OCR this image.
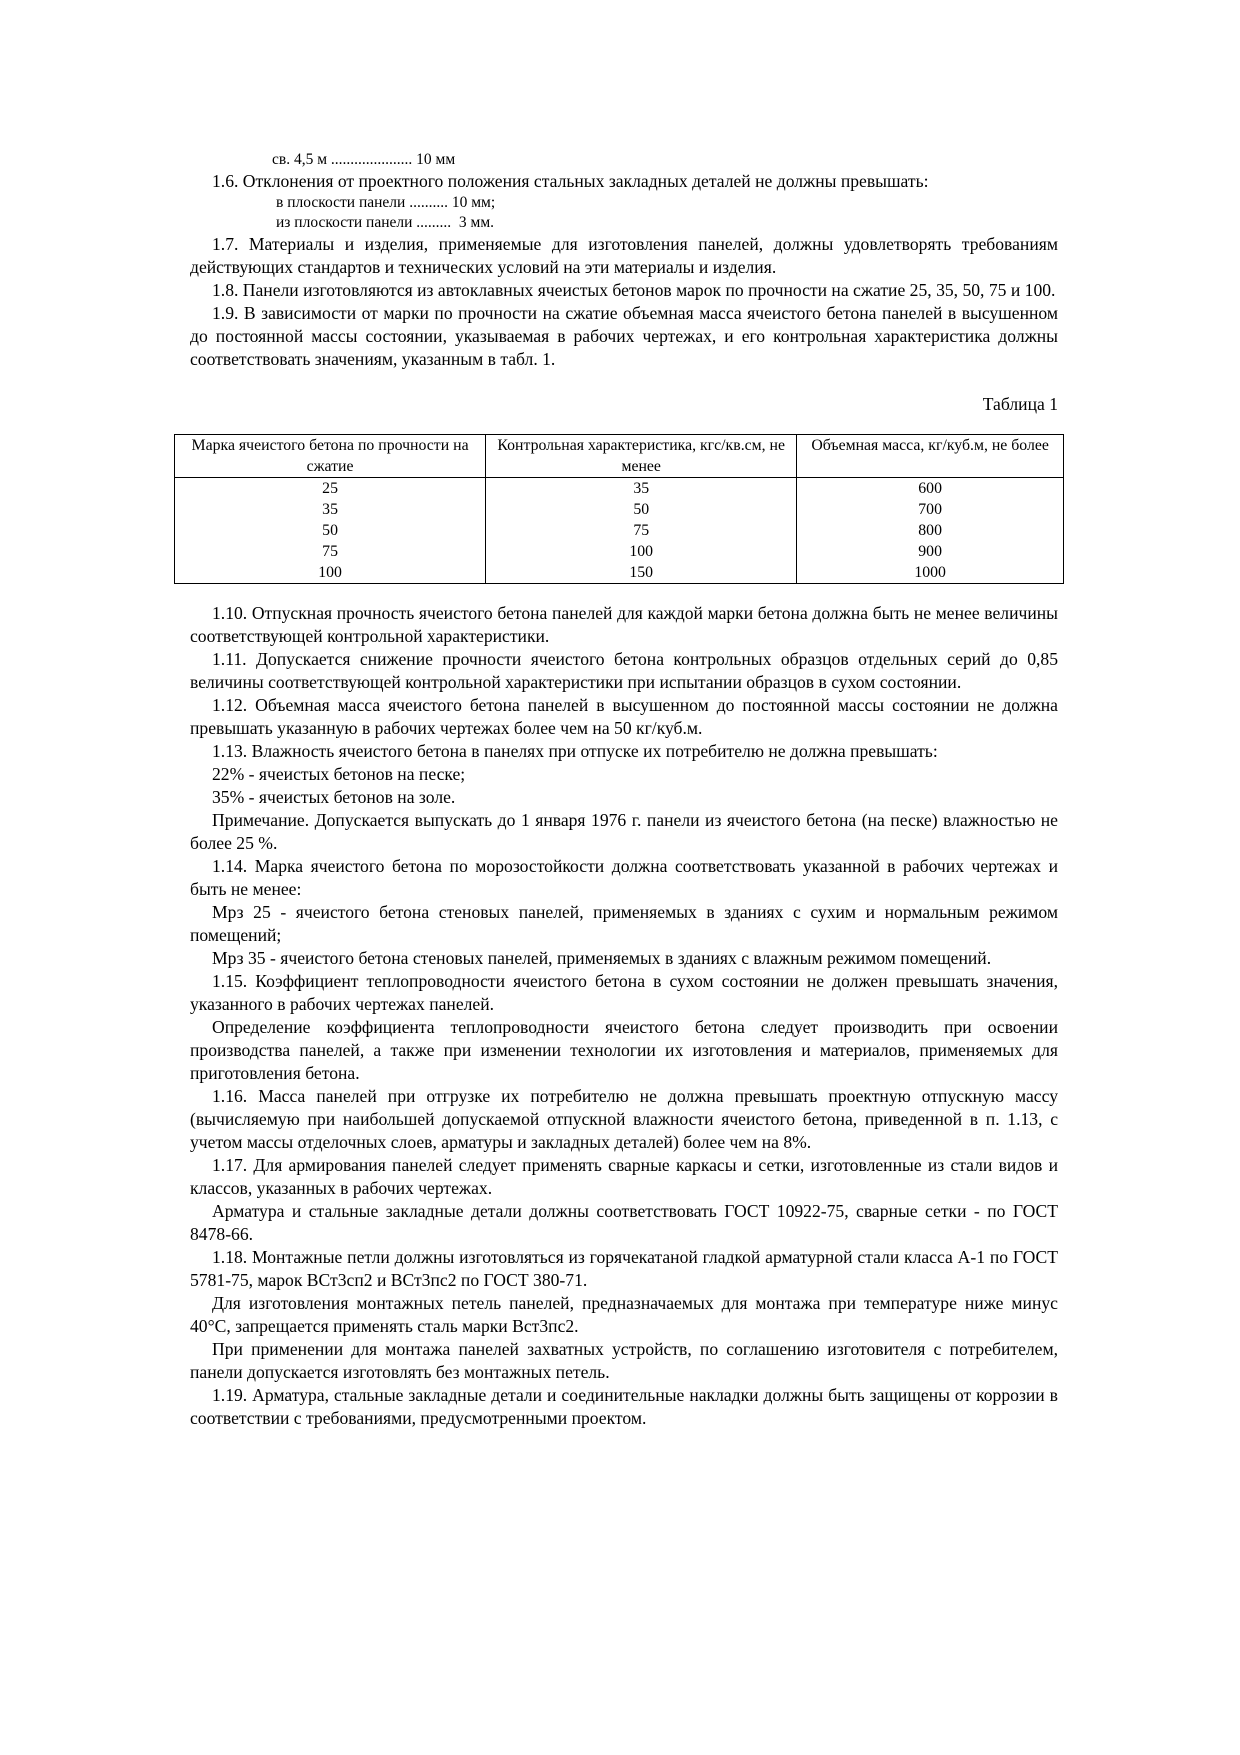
св. 4,5 м ..................... 10 мм

1.6. Отклонения от проектного положения стальных закладных деталей не должны превышать:

в плоскости панели .......... 10 мм;

из плоскости панели .........  3 мм.

1.7. Материалы и изделия, применяемые для изготовления панелей, должны удовлетворять требованиям действующих стандартов и технических условий на эти материалы и изделия.

1.8. Панели изготовляются из автоклавных ячеистых бетонов марок по прочности на сжатие 25, 35, 50, 75 и 100.

1.9. В зависимости от марки по прочности на сжатие объемная масса ячеистого бетона панелей в высушенном до постоянной массы состоянии, указываемая в рабочих чертежах, и его контрольная характеристика должны соответствовать значениям, указанным в табл. 1.

Таблица 1

Марка ячеистого бетона по прочности на сжатие	Контрольная характеристика, кгс/кв.см, не менее	Объемная масса, кг/куб.м, не более
25	35	600
35	50	700
50	75	800
75	100	900
100	150	1000

1.10. Отпускная прочность ячеистого бетона панелей для каждой марки бетона должна быть не менее величины соответствующей контрольной характеристики.

1.11. Допускается снижение прочности ячеистого бетона контрольных образцов отдельных серий до 0,85 величины соответствующей контрольной характеристики при испытании образцов в сухом состоянии.

1.12. Объемная масса ячеистого бетона панелей в высушенном до постоянной массы состоянии не должна превышать указанную в рабочих чертежах более чем на 50 кг/куб.м.

1.13. Влажность ячеистого бетона в панелях при отпуске их потребителю не должна превышать:

22% - ячеистых бетонов на песке;

35% - ячеистых бетонов на золе.

Примечание. Допускается выпускать до 1 января 1976 г. панели из ячеистого бетона (на песке) влажностью не более 25 %.

1.14. Марка ячеистого бетона по морозостойкости должна соответствовать указанной в рабочих чертежах и быть не менее:

Мрз 25 - ячеистого бетона стеновых панелей, применяемых в зданиях с сухим и нормальным режимом помещений;

Мрз 35 - ячеистого бетона стеновых панелей, применяемых в зданиях с влажным режимом помещений.

1.15. Коэффициент теплопроводности ячеистого бетона в сухом состоянии не должен превышать значения, указанного в рабочих чертежах панелей.

Определение коэффициента теплопроводности ячеистого бетона следует производить при освоении производства панелей, а также при изменении технологии их изготовления и материалов, применяемых для приготовления бетона.

1.16. Масса панелей при отгрузке их потребителю не должна превышать проектную отпускную массу (вычисляемую при наибольшей допускаемой отпускной влажности ячеистого бетона, приведенной в п. 1.13, с учетом массы отделочных слоев, арматуры и закладных деталей) более чем на 8%.

1.17. Для армирования панелей следует применять сварные каркасы и сетки, изготовленные из стали видов и классов, указанных в рабочих чертежах.

Арматура и стальные закладные детали должны соответствовать ГОСТ 10922-75, сварные сетки - по ГОСТ 8478-66.

1.18. Монтажные петли должны изготовляться из горячекатаной гладкой арматурной стали класса А-1 по ГОСТ 5781-75, марок ВСт3сп2 и ВСт3пс2 по ГОСТ 380-71.

Для изготовления монтажных петель панелей, предназначаемых для монтажа при температуре ниже минус 40°С, запрещается применять сталь марки Вст3пс2.

При применении для монтажа панелей захватных устройств, по соглашению изготовителя с потребителем, панели допускается изготовлять без монтажных петель.

1.19. Арматура, стальные закладные детали и соединительные накладки должны быть защищены от коррозии в соответствии с требованиями, предусмотренными проектом.
